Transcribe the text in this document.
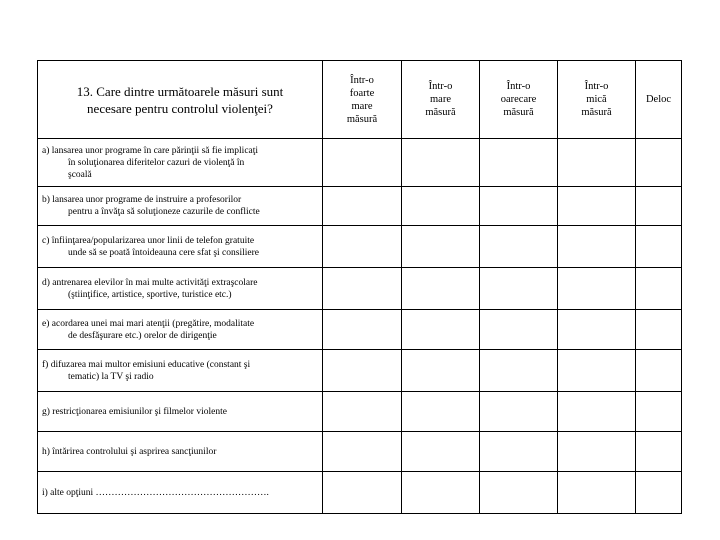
13. Care dintre următoarele măsuri sunt
necesare pentru controlul violenţei?	Într-o
foarte
mare
măsură	Într-o
mare
măsură	Într-o
oarecare
măsură	Într-o
mică
măsură	Deloc

a) lansarea unor programe în care părinţii să fie implicaţi
în soluţionarea diferitelor cazuri de violenţă în
şcoală					

b) lansarea unor programe de instruire a profesorilor
pentru a învăţa să soluţioneze cazurile de conflicte					

c) înfiinţarea/popularizarea unor linii de telefon gratuite
unde să se poată întoideauna cere sfat şi consiliere					

d) antrenarea elevilor în mai multe activităţi extraşcolare
(ştiinţifice, artistice, sportive, turistice etc.)					

e) acordarea unei mai mari atenţii (pregătire, modalitate
de desfăşurare etc.) orelor de dirigenţie					

f) difuzarea mai multor emisiuni educative (constant şi
tematic) la TV şi radio					

g) restricţionarea emisiunilor şi filmelor violente					

h) întărirea controlului şi asprirea sancţiunilor					

i) alte opţiuni ……………………………………………….					
